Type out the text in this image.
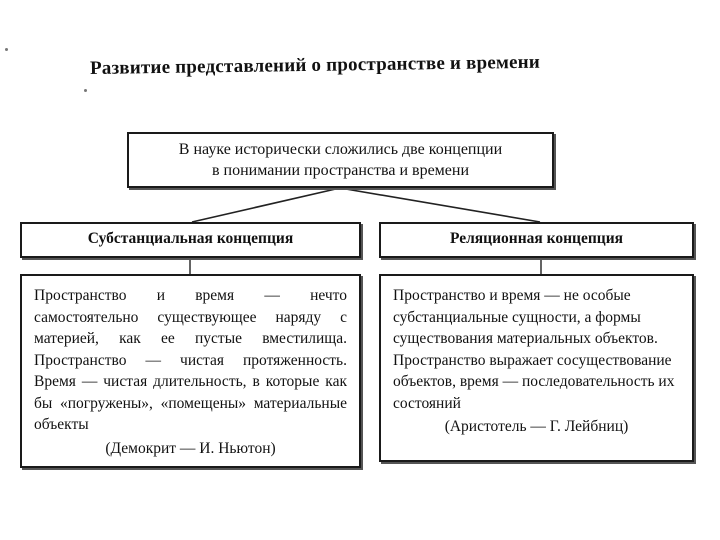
Развитие представлений о пространстве и времени
В науке исторически сложились две концепции
в понимании пространства и времени
Субстанциальная концепция	Реляционная концепция
Пространство и время — нечто самостоятельно существующее наряду с материей, как ее пустые вместилища. Пространство — чистая протяженность. Время — чистая длительность, в которые как бы «погружены», «помещены» материальные объекты
(Демокрит — И. Ньютон)
Пространство и время — не особые субстанциальные сущности, а формы существования материальных объектов. Пространство выражает сосуществование объектов, время — последовательность их состояний
(Аристотель — Г. Лейбниц)
